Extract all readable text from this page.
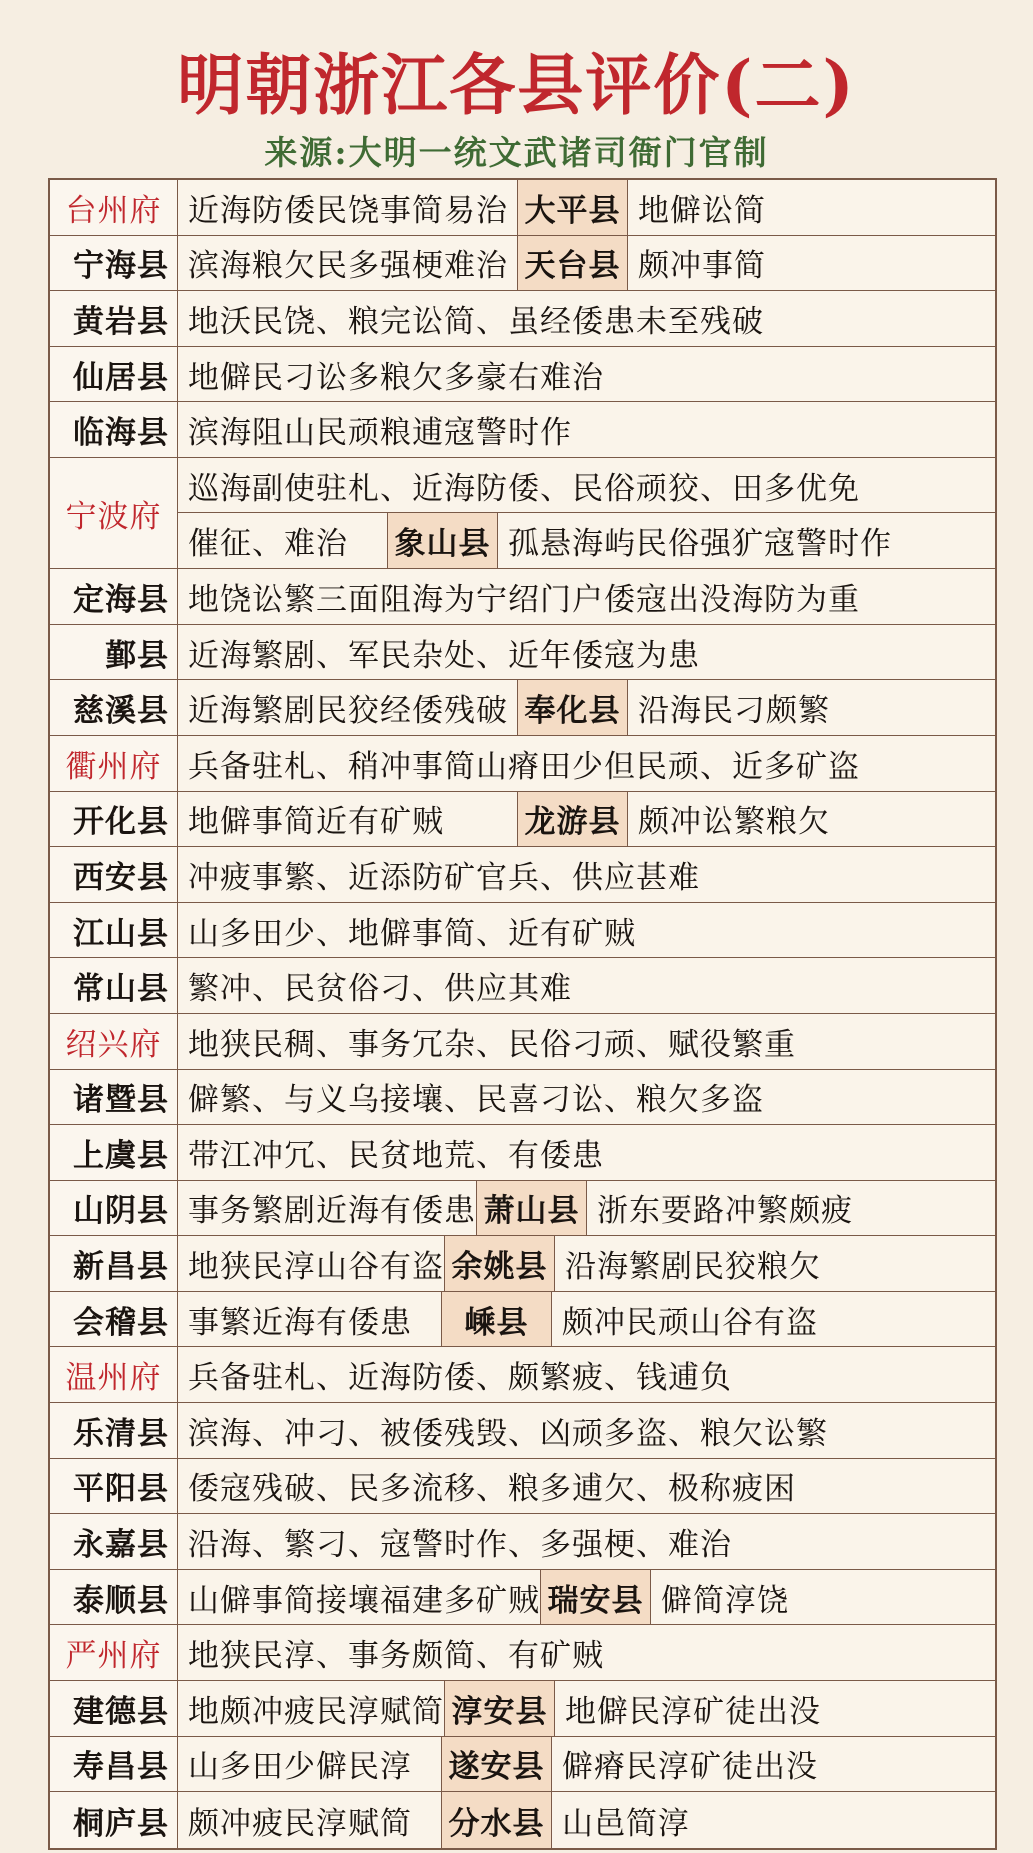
明朝浙江各县评价(二)
来源:大明一统文武诸司衙门官制
台州府 近海防倭民饶事简易治 大平县 地僻讼简
宁海县 滨海粮欠民多强梗难治 天台县 颇冲事简
黄岩县 地沃民饶、粮完讼简、虽经倭患未至残破
仙居县 地僻民刁讼多粮欠多豪右难治
临海县 滨海阻山民顽粮逋寇警时作
宁波府
巡海副使驻札、近海防倭、民俗顽狡、田多优免
催征、难治	象山县 孤悬海屿民俗强犷寇警时作
定海县 地饶讼繁三面阻海为宁绍门户倭寇出没海防为重
鄞县 近海繁剧、军民杂处、近年倭寇为患
慈溪县 近海繁剧民狡经倭残破 奉化县 沿海民刁颇繁
衢州府 兵备驻札、稍冲事简山瘠田少但民顽、近多矿盗
开化县 地僻事简近有矿贼	龙游县 颇冲讼繁粮欠
西安县 冲疲事繁、近添防矿官兵、供应甚难
江山县 山多田少、地僻事简、近有矿贼
常山县 繁冲、民贫俗刁、供应其难
绍兴府 地狭民稠、事务冗杂、民俗刁顽、赋役繁重
诸暨县 僻繁、与义乌接壤、民喜刁讼、粮欠多盗
上虞县 带江冲冗、民贫地荒、有倭患
山阴县 事务繁剧近海有倭患 萧山县 浙东要路冲繁颇疲
新昌县 地狭民淳山谷有盗 余姚县 沿海繁剧民狡粮欠
会稽县 事繁近海有倭患	嵊县	颇冲民顽山谷有盗
温州府 兵备驻札、近海防倭、颇繁疲、钱逋负
乐清县 滨海、冲刁、被倭残毁、凶顽多盗、粮欠讼繁
平阳县 倭寇残破、民多流移、粮多逋欠、极称疲困
永嘉县 沿海、繁刁、寇警时作、多强梗、难治
泰顺县 山僻事简接壤福建多矿贼 瑞安县 僻简淳饶
严州府 地狭民淳、事务颇简、有矿贼
建德县 地颇冲疲民淳赋简 淳安县 地僻民淳矿徒出没
寿昌县 山多田少僻民淳	遂安县 僻瘠民淳矿徒出没
桐庐县 颇冲疲民淳赋简	分水县 山邑简淳
